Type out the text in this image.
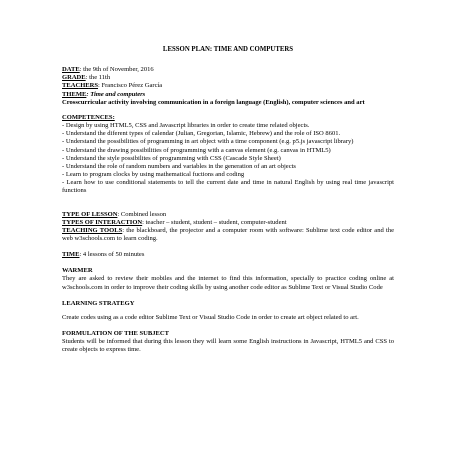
LESSON PLAN: TIME AND COMPUTERS
DATE: the 9th of November, 2016
GRADE: the 11th
TEACHERS: Francisco Pérez García
THEME: Time and computers
Crosscurricular activity involving communication in a foreign language (English), computer sciences and art
COMPETENCES:
- Design by using HTML5, CSS and Javascript libraries in order to create time related objects.
- Understand the diferent types of calendar (Julian, Gregorian, Islamic, Hebrew) and the role of ISO 8601.
- Understand the possibilities of programming in art object with a time component (e.g. p5.js javascript library)
- Understand the drawing possibilities of programming with a canvas element (e.g. canvas in HTML5)
- Understand the style possibilites of programming with CSS (Cascade Style Sheet)
- Understand the role of random numbers and variables in the generation of an art objects
- Learn to program clocks by using mathematical fuctions and coding
- Learn how to use conditional statements to tell the current date and time in natural English by using real time javascript functions
TYPE OF LESSON: Combined lesson
TYPES OF INTERACTION: teacher – student, student – student, computer-student
TEACHING TOOLS: the blackboard, the projector and a computer room with software: Sublime text code editor and the web w3schools.com to learn coding.
TIME: 4 lessons of 50 minutes
WARMER
They are asked to review their mobiles and the internet to find this information, specially to practice coding online at w3schools.com in order to improve their coding skills by using another code editor as Sublime Text or Visual Studio Code
LEARNING STRATEGY
Create codes using as a code editor Sublime Text or Visual Studio Code in order to create art object related to art.
FORMULATION OF THE SUBJECT
Students will be informed that during this lesson they will learn some English instructions in Javascript, HTML5 and CSS to create objects to express time.
